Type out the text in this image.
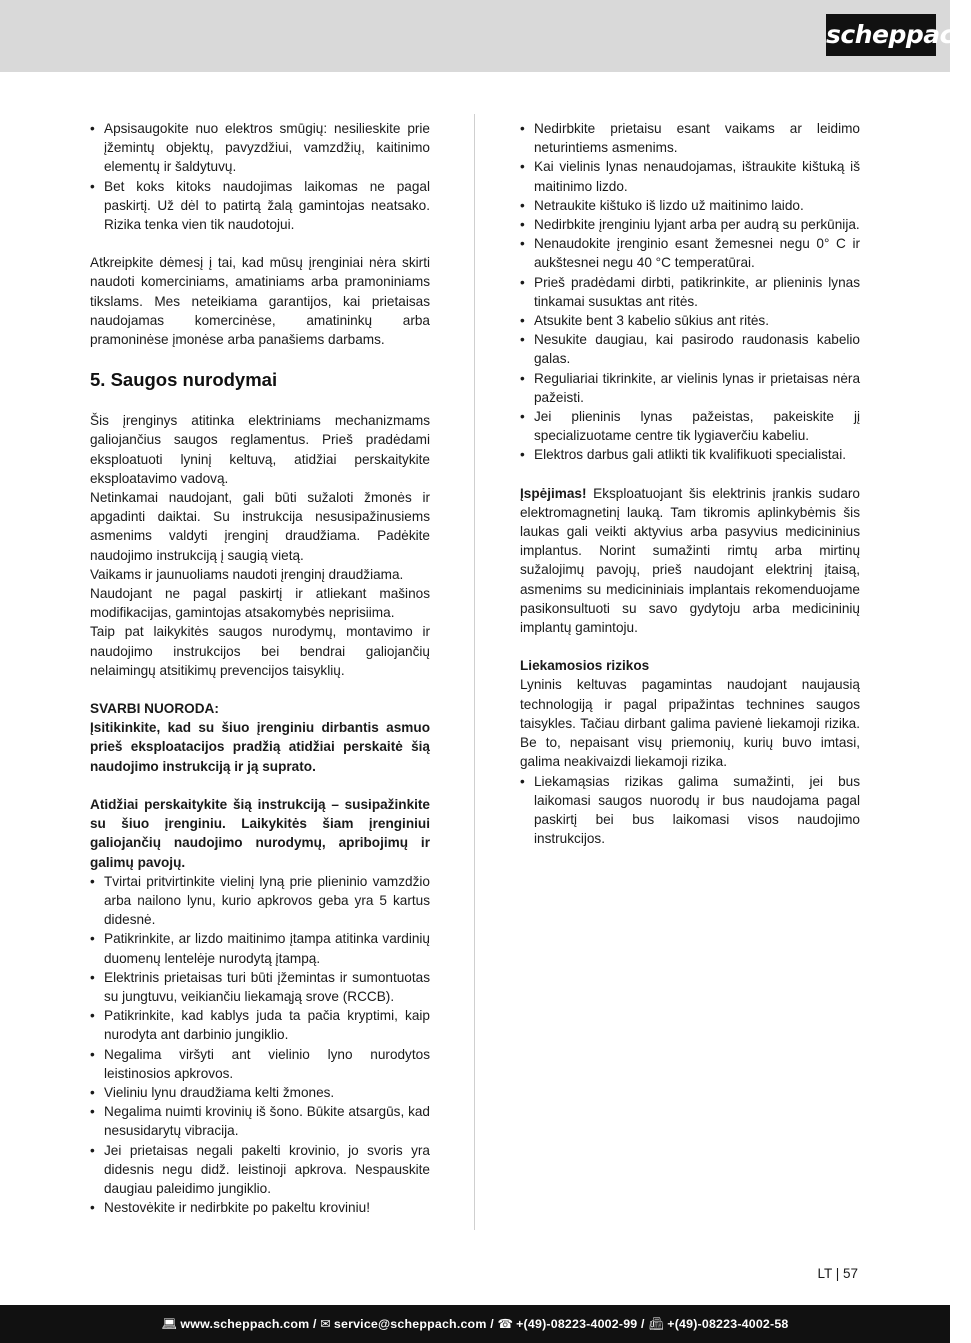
scheppach
• Apsisaugokite nuo elektros smūgių: nesilieskite prie įžemintų objektų, pavyzdžiui, vamzdžių, kaitinimo elementų ir šaldytuvų.
• Bet koks kitoks naudojimas laikomas ne pagal paskirtį. Už dėl to patirtą žalą gamintojas neatsako. Rizika tenka vien tik naudotojui.

Atkreipkite dėmesį į tai, kad mūsų įrenginiai nėra skirti naudoti komerciniams, amatiniams arba pramoniniams tikslams. Mes neteikiama garantijos, kai prietaisas naudojamas komercinėse, amatininkų arba pramoninėse įmonėse arba panašiems darbams.

5. Saugos nurodymai

Šis įrenginys atitinka elektriniams mechanizmams galiojančius saugos reglamentus. Prieš pradėdami eksploatuoti lyninį keltuvą, atidžiai perskaitykite eksploatavimo vadovą.

Netinkamai naudojant, gali būti sužaloti žmonės ir apgadinti daiktai. Su instrukcija nesusipažinusiems asmenims valdyti įrenginį draudžiama. Padėkite naudojimo instrukciją į saugią vietą.

Vaikams ir jaunuoliams naudoti įrenginį draudžiama.

Naudojant ne pagal paskirtį ir atliekant mašinos modifikacijas, gamintojas atsakomybės neprisiima.

Taip pat laikykitės saugos nurodymų, montavimo ir naudojimo instrukcijos bei bendrai galiojančių nelaimingų atsitikimų prevencijos taisyklių.

SVARBI NUORODA:

Įsitikinkite, kad su šiuo įrenginiu dirbantis asmuo prieš eksploatacijos pradžią atidžiai perskaitė šią naudojimo instrukciją ir ją suprato.

Atidžiai perskaitykite šią instrukciją – susipažinkite su šiuo įrenginiu. Laikykitės šiam įrenginiui galiojančių naudojimo nurodymų, apribojimų ir galimų pavojų.

• Tvirtai pritvirtinkite vielinį lyną prie plieninio vamzdžio arba nailono lynu, kurio apkrovos geba yra 5 kartus didesnė.
• Patikrinkite, ar lizdo maitinimo įtampa atitinka vardinių duomenų lentelėje nurodytą įtampą.
• Elektrinis prietaisas turi būti įžemintas ir sumontuotas su jungtuvu, veikiančiu liekamąją srove (RCCB).
• Patikrinkite, kad kablys juda ta pačia kryptimi, kaip nurodyta ant darbinio jungiklio.
• Negalima viršyti ant vielinio lyno nurodytos leistinosios apkrovos.
• Vieliniu lynu draudžiama kelti žmones.
• Negalima nuimti krovinių iš šono. Būkite atsargūs, kad nesusidarytų vibracija.
• Jei prietaisas negali pakelti krovinio, jo svoris yra didesnis negu didž. leistinoji apkrova. Nespauskite daugiau paleidimo jungiklio.
• Nestovėkite ir nedirbkite po pakeltu kroviniu!
• Nedirbkite prietaisu esant vaikams ar leidimo neturintiems asmenims.
• Kai vielinis lynas nenaudojamas, ištraukite kištuką iš maitinimo lizdo.
• Netraukite kištuko iš lizdo už maitinimo laido.
• Nedirbkite įrenginiu lyjant arba per audrą su perkūnija.
• Nenaudokite įrenginio esant žemesnei negu 0° C ir aukštesnei negu 40 °C temperatūrai.
• Prieš pradėdami dirbti, patikrinkite, ar plieninis lynas tinkamai susuktas ant ritės.
• Atsukite bent 3 kabelio sūkius ant ritės.
• Nesukite daugiau, kai pasirodo raudonasis kabelio galas.
• Reguliariai tikrinkite, ar vielinis lynas ir prietaisas nėra pažeisti.
• Jei plieninis lynas pažeistas, pakeiskite jį specializuotame centre tik lygiaverčiu kabeliu.
• Elektros darbus gali atlikti tik kvalifikuoti specialistai.

Įspėjimas! Eksploatuojant šis elektrinis įrankis sudaro elektromagnetinį lauką. Tam tikromis aplinkybėmis šis laukas gali veikti aktyvius arba pasyvius medicininius implantus. Norint sumažinti rimtų arba mirtinų sužalojimų pavojų, prieš naudojant elektrinį įtaisą, asmenims su medicininiais implantais rekomenduojame pasikonsultuoti su savo gydytoju arba medicininių implantų gamintoju.

Liekamosios rizikos

Lyninis keltuvas pagamintas naudojant naujausią technologiją ir pagal pripažintas technines saugos taisykles. Tačiau dirbant galima pavienė liekamoji rizika. Be to, nepaisant visų priemonių, kurių buvo imtasi, galima neakivaizdi liekamoji rizika.

• Liekamąsias rizikas galima sumažinti, jei bus laikomasi saugos nuorodų ir bus naudojama pagal paskirtį bei bus laikomasi visos naudojimo instrukcijos.
LT | 57
💻︎ www.scheppach.com / ✉︎ service@scheppach.com / ☎︎ +(49)-08223-4002-99 / 📠︎ +(49)-08223-4002-58
